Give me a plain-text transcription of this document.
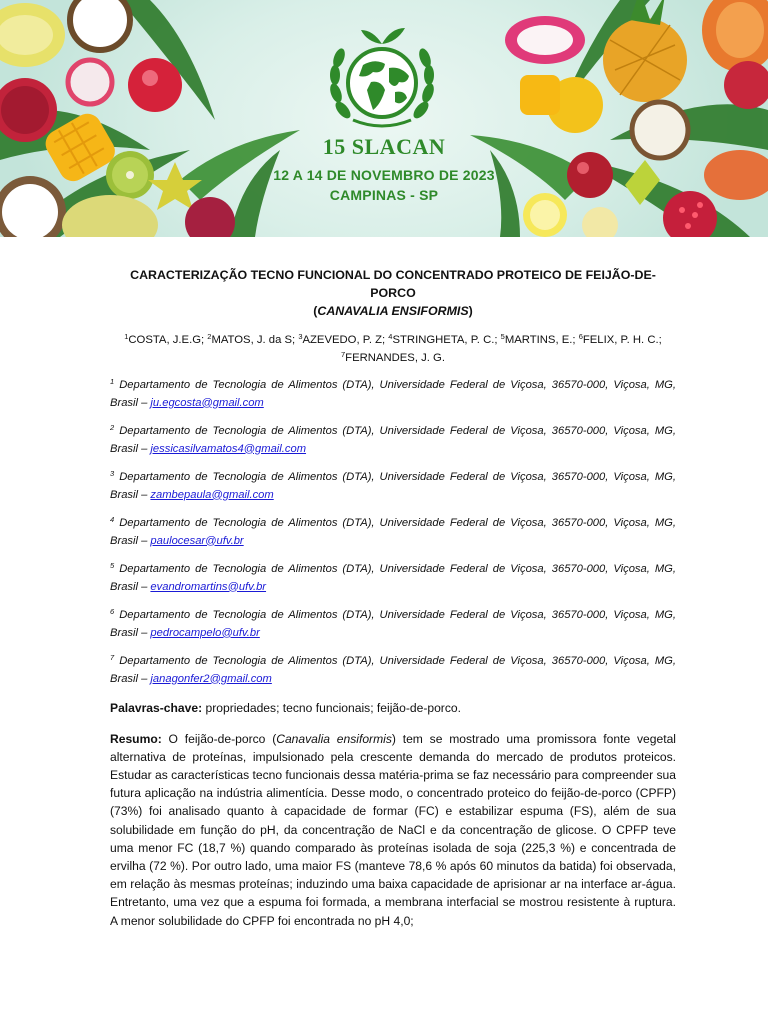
15 SLACAN
12 A 14 DE NOVEMBRO DE 2023
CAMPINAS - SP

CARACTERIZAÇÃO TECNO FUNCIONAL DO CONCENTRADO PROTEICO DE FEIJÃO-DE-PORCO
(CANAVALIA ENSIFORMIS)

$^1$COSTA, J.E.G; $^2$MATOS, J. da S; $^3$AZEVEDO, P. Z; $^4$STRINGHETA, P. C.; $^5$MARTINS, E.; $^6$FELIX, P. H. C.;
$^7$FERNANDES, J. G.

$^1$ Departamento de Tecnologia de Alimentos (DTA), Universidade Federal de Viçosa, 36570-000, Viçosa, MG, Brasil – ju.egcosta@gmail.com

$^2$ Departamento de Tecnologia de Alimentos (DTA), Universidade Federal de Viçosa, 36570-000, Viçosa, MG, Brasil – jessicasilvamatos4@gmail.com

$^3$ Departamento de Tecnologia de Alimentos (DTA), Universidade Federal de Viçosa, 36570-000, Viçosa, MG, Brasil – zambepaula@gmail.com

$^4$ Departamento de Tecnologia de Alimentos (DTA), Universidade Federal de Viçosa, 36570-000, Viçosa, MG, Brasil – paulocesar@ufv.br

$^5$ Departamento de Tecnologia de Alimentos (DTA), Universidade Federal de Viçosa, 36570-000, Viçosa, MG, Brasil – evandromartins@ufv.br

$^6$ Departamento de Tecnologia de Alimentos (DTA), Universidade Federal de Viçosa, 36570-000, Viçosa, MG, Brasil – pedrocampelo@ufv.br

$^7$ Departamento de Tecnologia de Alimentos (DTA), Universidade Federal de Viçosa, 36570-000, Viçosa, MG, Brasil – janagonfer2@gmail.com

Palavras-chave: propriedades; tecno funcionais; feijão-de-porco.

Resumo: O feijão-de-porco (Canavalia ensiformis) tem se mostrado uma promissora fonte vegetal alternativa de proteínas, impulsionado pela crescente demanda do mercado de produtos proteicos. Estudar as características tecno funcionais dessa matéria-prima se faz necessário para compreender sua futura aplicação na indústria alimentícia. Desse modo, o concentrado proteico do feijão-de-porco (CPFP) (73%) foi analisado quanto à capacidade de formar (FC) e estabilizar espuma (FS), além de sua solubilidade em função do pH, da concentração de NaCl e da concentração de glicose. O CPFP teve uma menor FC (18,7 %) quando comparado às proteínas isolada de soja (225,3 %) e concentrada de ervilha (72 %). Por outro lado, uma maior FS (manteve 78,6 % após 60 minutos da batida) foi observada, em relação às mesmas proteínas; induzindo uma baixa capacidade de aprisionar ar na interface ar-água. Entretanto, uma vez que a espuma foi formada, a membrana interfacial se mostrou resistente à ruptura. A menor solubilidade do CPFP foi encontrada no pH 4,0;
